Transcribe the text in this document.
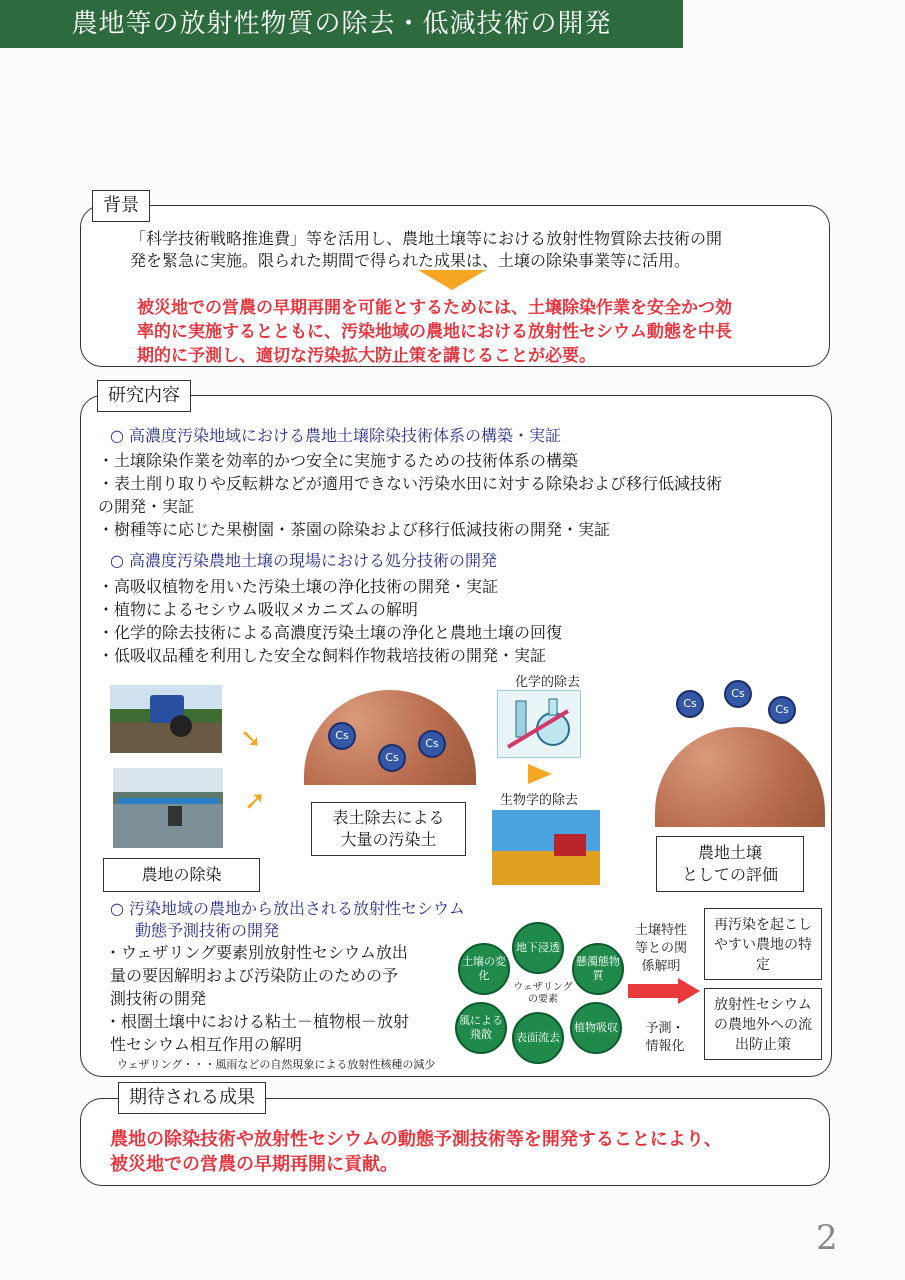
農地等の放射性物質の除去・低減技術の開発
背景
「科学技術戦略推進費」等を活用し、農地土壌等における放射性物質除去技術の開
発を緊急に実施。限られた期間で得られた成果は、土壌の除染事業等に活用。
被災地での営農の早期再開を可能とするためには、土壌除染作業を安全かつ効
率的に実施するとともに、汚染地域の農地における放射性セシウム動態を中長
期的に予測し、適切な汚染拡大防止策を講じることが必要。
研究内容
○ 高濃度汚染地域における農地土壌除染技術体系の構築・実証
・土壌除染作業を効率的かつ安全に実施するための技術体系の構築
・表土削り取りや反転耕などが適用できない汚染水田に対する除染および移行低減技術
の開発・実証
・樹種等に応じた果樹園・茶園の除染および移行低減技術の開発・実証
○ 高濃度汚染農地土壌の現場における処分技術の開発
・高吸収植物を用いた汚染土壌の浄化技術の開発・実証
・植物によるセシウム吸収メカニズムの解明
・化学的除去技術による高濃度汚染土壌の浄化と農地土壌の回復
・低吸収品種を利用した安全な飼料作物栽培技術の開発・実証
➘
➚
農地の除染
Cs
Cs
Cs
表土除去による
大量の汚染土
化学的除去
生物学的除去
Cs
Cs
Cs
農地土壌
としての評価
○ 汚染地域の農地から放出される放射性セシウム
動態予測技術の開発
・ウェザリング要素別放射性セシウム放出
量の要因解明および汚染防止のための予
測技術の開発
・根圏土壌中における粘土－植物根－放射
性セシウム相互作用の解明
ウェザリング・・・風雨などの自然現象による放射性核種の減少
地下浸透
土壌の変化
懸濁態物質
ウェザリングの要素
風による飛散	表面流去
植物吸収
土壌特性等との関係解明
予測・情報化
再汚染を起こしやすい農地の特定
放射性セシウムの農地外への流出防止策
期待される成果
農地の除染技術や放射性セシウムの動態予測技術等を開発することにより、
被災地での営農の早期再開に貢献。
2
